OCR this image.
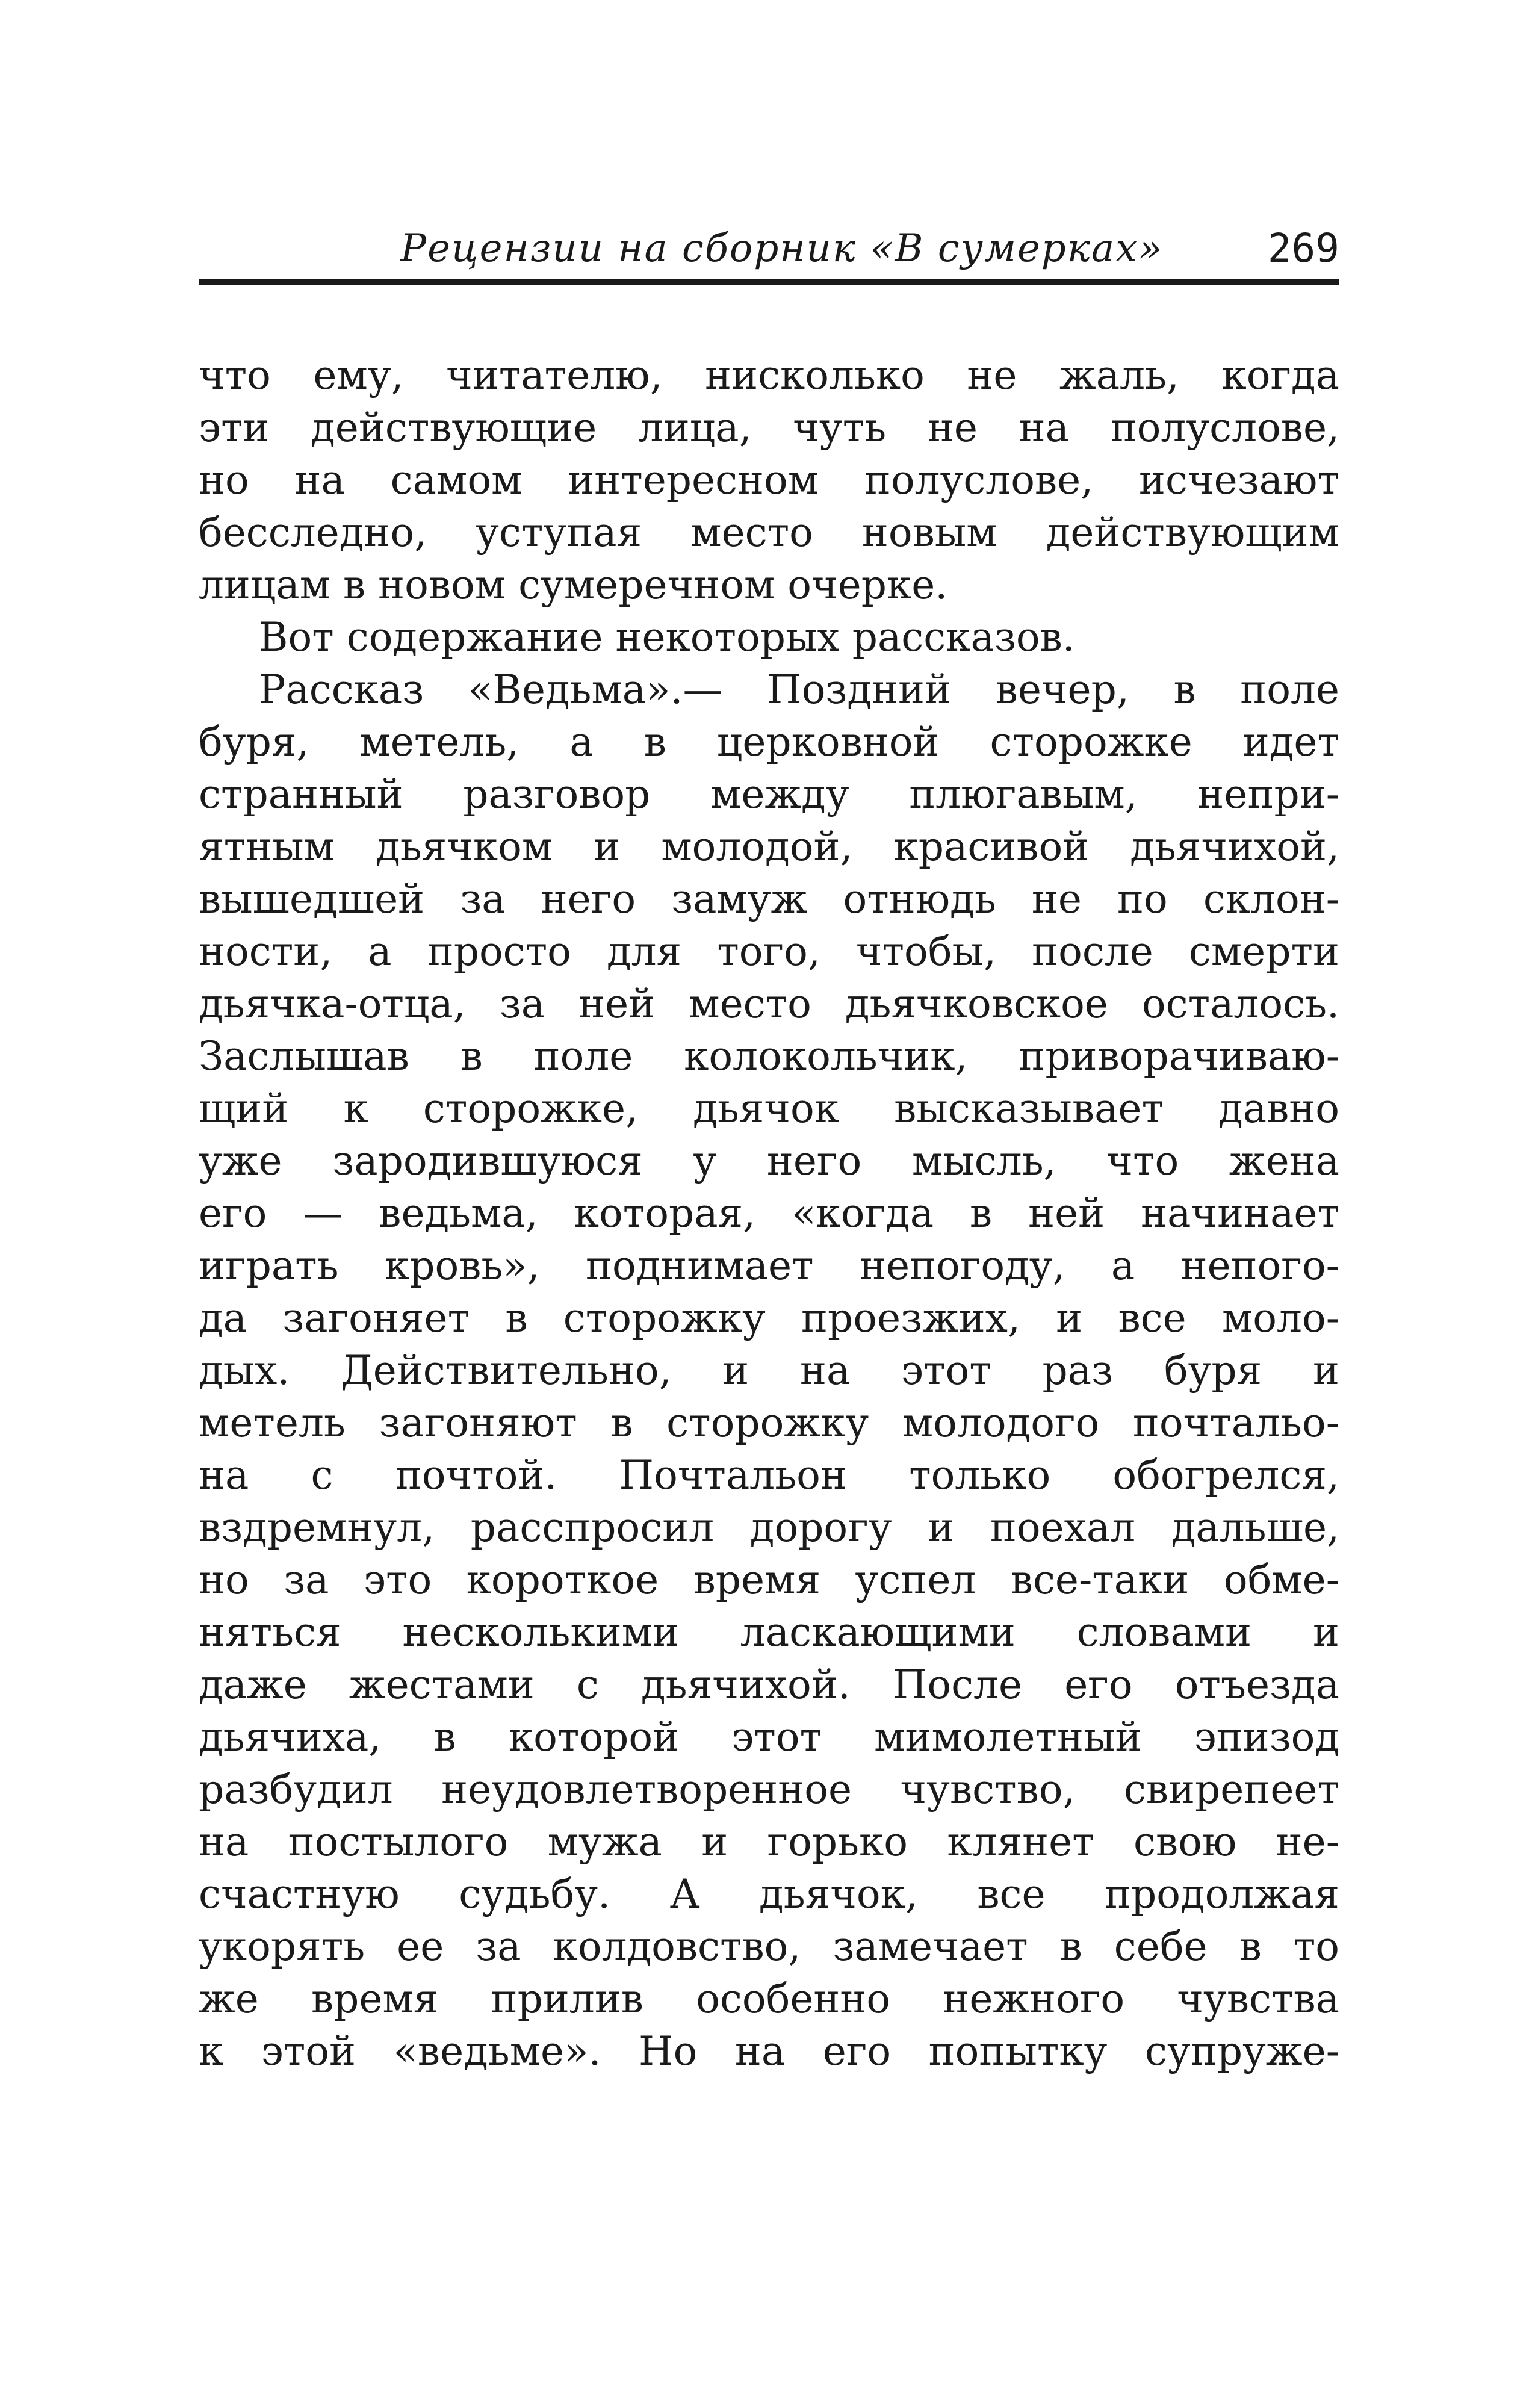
Рецензии на сборник «В сумерках»	269
что ему, читателю, нисколько не жаль, когда
эти действующие лица, чуть не на полуслове,
но на самом интересном полуслове, исчезают
бесследно, уступая место новым действующим
лицам в новом сумеречном очерке.
Вот содержание некоторых рассказов.
Рассказ «Ведьма».— Поздний вечер, в поле
буря, метель, а в церковной сторожке идет
странный разговор между плюгавым, непри-
ятным дьячком и молодой, красивой дьячихой,
вышедшей за него замуж отнюдь не по склон-
ности, а просто для того, чтобы, после смерти
дьячка-отца, за ней место дьячковское осталось.
Заслышав в поле колокольчик, приворачиваю-
щий к сторожке, дьячок высказывает давно
уже зародившуюся у него мысль, что жена
его — ведьма, которая, «когда в ней начинает
играть кровь», поднимает непогоду, а непого-
да загоняет в сторожку проезжих, и все моло-
дых. Действительно, и на этот раз буря и
метель загоняют в сторожку молодого почтальо-
на с почтой. Почтальон только обогрелся,
вздремнул, расспросил дорогу и поехал дальше,
но за это короткое время успел все-таки обме-
няться несколькими ласкающими словами и
даже жестами с дьячихой. После его отъезда
дьячиха, в которой этот мимолетный эпизод
разбудил неудовлетворенное чувство, свирепеет
на постылого мужа и горько клянет свою не-
счастную судьбу. А дьячок, все продолжая
укорять ее за колдовство, замечает в себе в то
же время прилив особенно нежного чувства
к этой «ведьме». Но на его попытку супруже-
